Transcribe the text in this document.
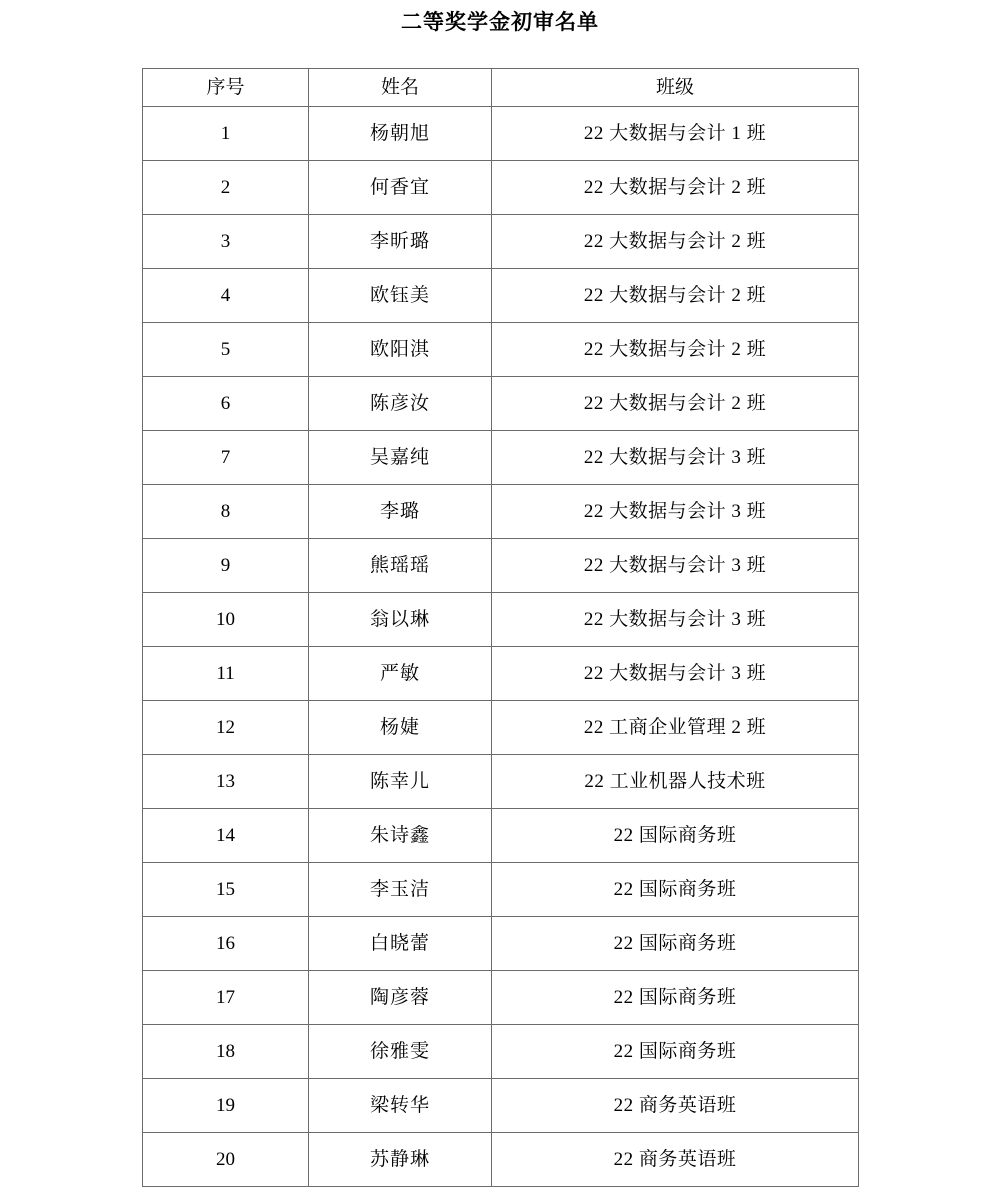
二等奖学金初审名单
序号	姓名	班级
1	杨朝旭	22 大数据与会计 1 班
2	何香宜	22 大数据与会计 2 班
3	李昕璐	22 大数据与会计 2 班
4	欧钰美	22 大数据与会计 2 班
5	欧阳淇	22 大数据与会计 2 班
6	陈彦汝	22 大数据与会计 2 班
7	吴嘉纯	22 大数据与会计 3 班
8	李璐	22 大数据与会计 3 班
9	熊瑶瑶	22 大数据与会计 3 班
10	翁以琳	22 大数据与会计 3 班
11	严敏	22 大数据与会计 3 班
12	杨婕	22 工商企业管理 2 班
13	陈幸儿	22 工业机器人技术班
14	朱诗鑫	22 国际商务班
15	李玉洁	22 国际商务班
16	白晓蕾	22 国际商务班
17	陶彦蓉	22 国际商务班
18	徐雅雯	22 国际商务班
19	梁转华	22 商务英语班
20	苏静琳	22 商务英语班
